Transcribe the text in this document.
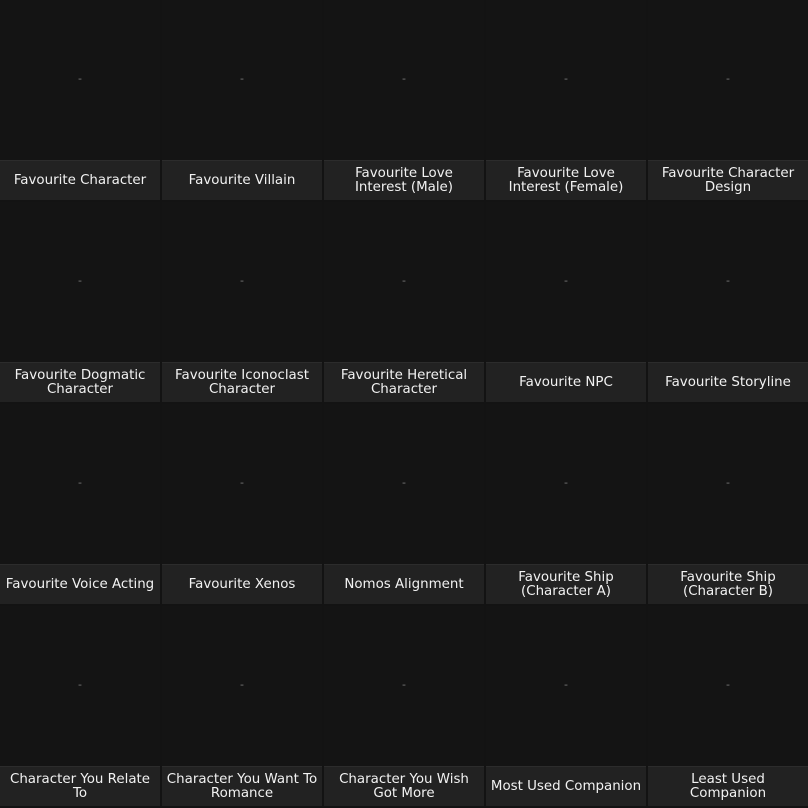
-
Favourite Character
-
Favourite Villain
-
Favourite Love Interest (Male)
-
Favourite Love Interest (Female)
-
Favourite Character Design
-
Favourite Dogmatic Character
-
Favourite Iconoclast Character
-
Favourite Heretical Character
-
Favourite NPC
-
Favourite Storyline
-
Favourite Voice Acting
-
Favourite Xenos
-
Nomos Alignment
-
Favourite Ship (Character A)
-
Favourite Ship (Character B)
-
Character You Relate To
-
Character You Want To Romance
-
Character You Wish Got More
-
Most Used Companion
-
Least Used Companion
